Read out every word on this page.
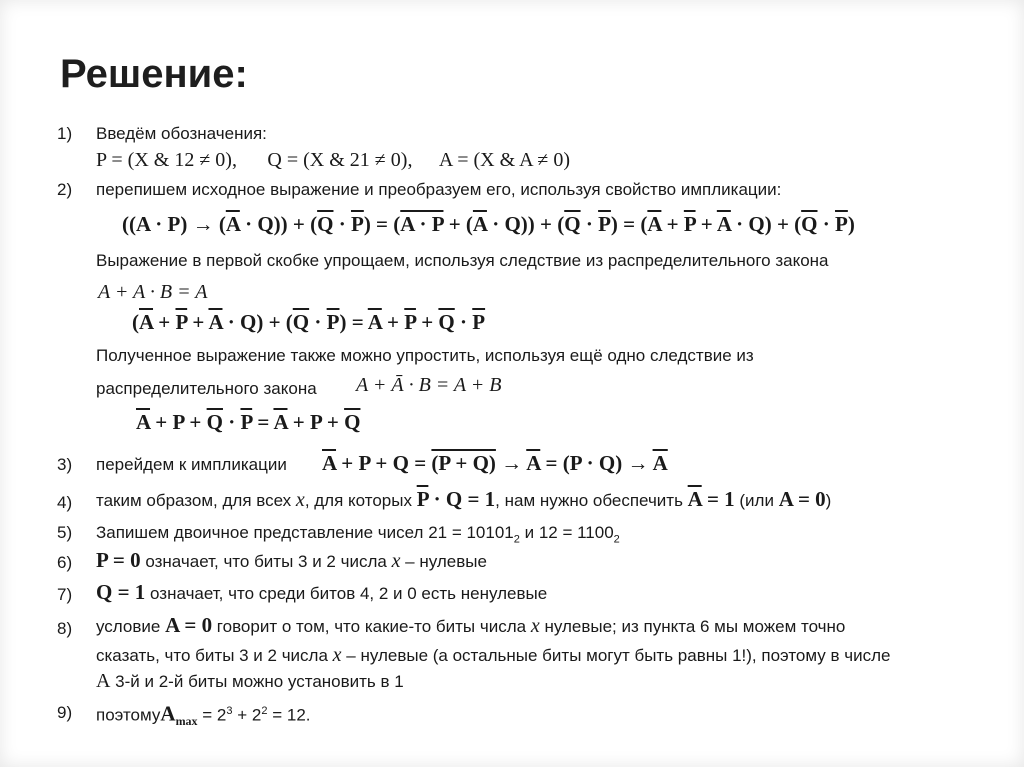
Решение:
1) Введём обозначения:
P = (X & 12 ≠ 0), Q = (X & 21 ≠ 0), A = (X & A ≠ 0)
2) перепишем исходное выражение и преобразуем его, используя свойство импликации:
$((A \cdot P) \to (\overline{A} \cdot Q)) + (\overline{Q} \cdot \overline{P}) = (A \cdot P + (\overline{A} \cdot Q)) + (\overline{Q} \cdot \overline{P}) = (\overline{A} + \overline{P} + \overline{A} \cdot Q) + (\overline{Q} \cdot \overline{P})$
Выражение в первой скобке упрощаем, используя следствие из распределительного закона
A + A · B = A
$(\overline{A} + \overline{P} + \overline{A} \cdot Q) + (\overline{Q} \cdot \overline{P}) = \overline{A} + \overline{P} + \overline{Q} \cdot \overline{P}$
Полученное выражение также можно упростить, используя ещё одно следствие из
распределительного закона A + Ā · B = A + B
$\overline{A} + P + \overline{Q} \cdot \overline{P} = \overline{A} + P + \overline{Q}$
3) перейдем к импликации $\overline{A} + P + Q = (P + Q) \to \overline{A} = (P \cdot Q) \to \overline{A}$
4) таким образом, для всех x, для которых $\overline{P} \cdot Q = 1$, нам нужно обеспечить $\overline{A} = 1$ (или A = 0)
5) Запишем двоичное представление чисел $21 = 10101_2$ и $12 = 1100_2$
6) P = 0 означает, что биты 3 и 2 числа x – нулевые
7) Q = 1 означает, что среди битов 4, 2 и 0 есть ненулевые
8) условие A = 0 говорит о том, что какие-то биты числа x нулевые; из пункта 6 мы можем точно
сказать, что биты 3 и 2 числа x – нулевые (а остальные биты могут быть равны 1!), поэтому в числе
A 3-й и 2-й биты можно установить в 1
9) поэтомуA$_{max}$ = $2^3 + 2^2 = 12$.
